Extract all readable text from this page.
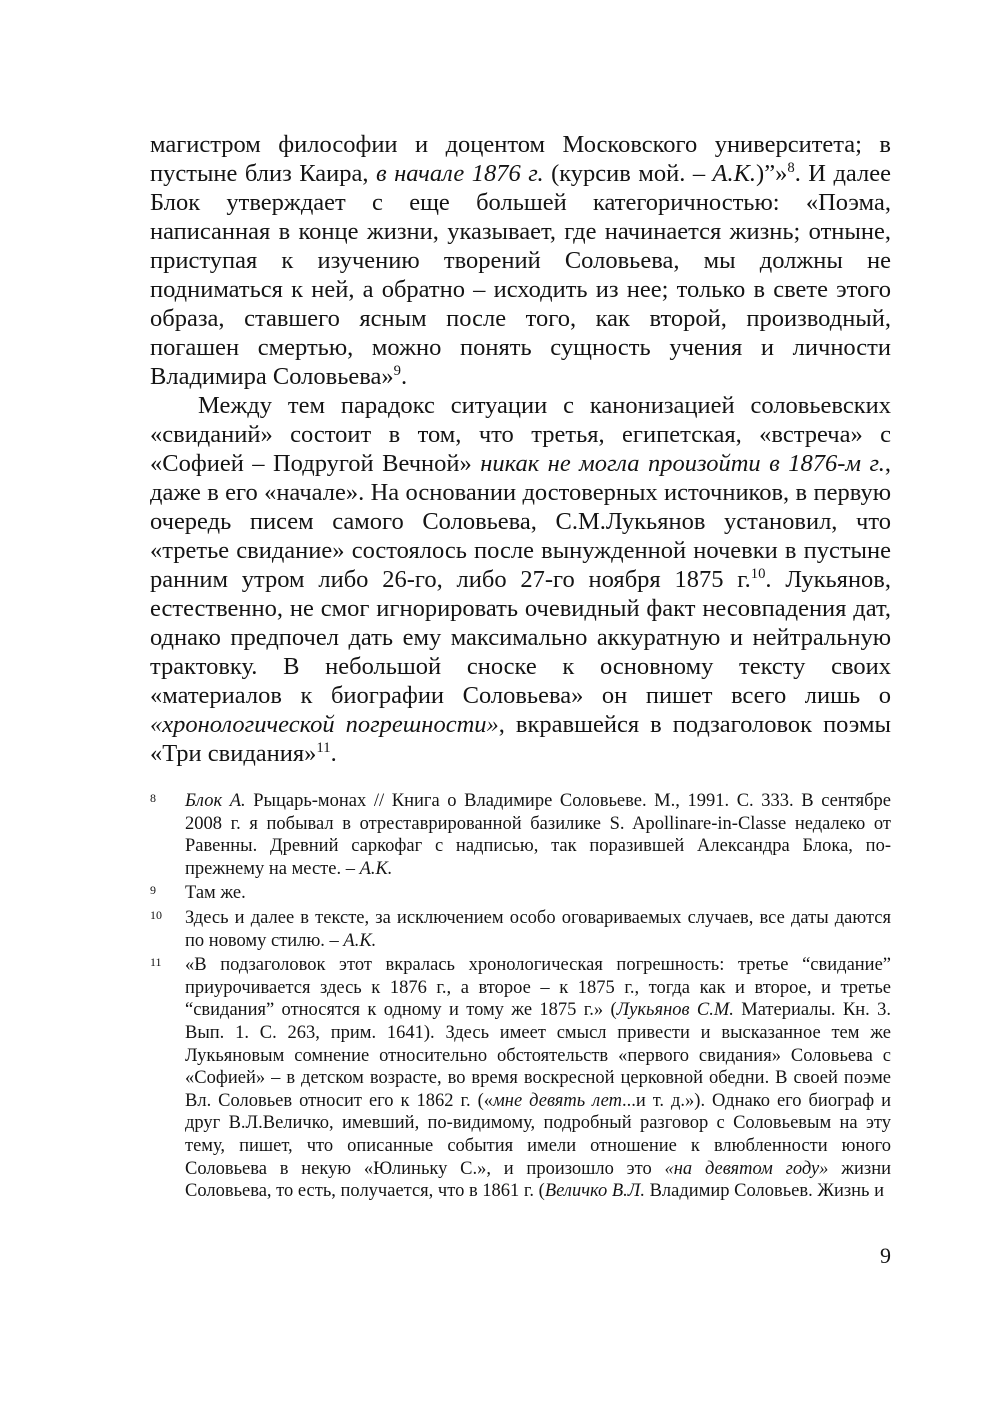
магистром философии и доцентом Московского университета; в пустыне близ Каира, в начале 1876 г. (курсив мой. – А.К.)”»$^8$. И далее Блок утверждает с еще большей категоричностью: «Поэма, написанная в конце жизни, указывает, где начинается жизнь; отныне, приступая к изучению творений Соловьева, мы должны не подниматься к ней, а обратно – исходить из нее; только в свете этого образа, ставшего ясным после того, как второй, производный, погашен смертью, можно понять сущность учения и личности Владимира Соловьева»$^9$.

Между тем парадокс ситуации с канонизацией соловьевских «свиданий» состоит в том, что третья, египетская, «встреча» с «Софией – Подругой Вечной» никак не могла произойти в 1876-м г., даже в его «начале». На основании достоверных источников, в первую очередь писем самого Соловьева, С.М.Лукьянов установил, что «третье свидание» состоялось после вынужденной ночевки в пустыне ранним утром либо 26-го, либо 27-го ноября 1875 г.$^{10}$. Лукьянов, естественно, не смог игнорировать очевидный факт несовпадения дат, однако предпочел дать ему максимально аккуратную и нейтральную трактовку. В небольшой сноске к основному тексту своих «материалов к биографии Соловьева» он пишет всего лишь о «хронологической погрешности», вкравшейся в подзаголовок поэмы «Три свидания»$^{11}$.

8	Блок А. Рыцарь-монах // Книга о Владимире Соловьеве. М., 1991. С. 333. В сентябре 2008 г. я побывал в отреставрированной базилике S. Apollinare-in-Classe недалеко от Равенны. Древний саркофаг с надписью, так поразившей Александра Блока, по-прежнему на месте. – А.К.
9	Там же.
10	Здесь и далее в тексте, за исключением особо оговариваемых случаев, все даты даются по новому стилю. – А.К.
11	«В подзаголовок этот вкралась хронологическая погрешность: третье “свидание” приурочивается здесь к 1876 г., а второе – к 1875 г., тогда как и второе, и третье “свидания” относятся к одному и тому же 1875 г.» (Лукьянов С.М. Материалы. Кн. 3. Вып. 1. С. 263, прим. 1641). Здесь имеет смысл привести и высказанное тем же Лукьяновым сомнение относительно обстоятельств «первого свидания» Соловьева с «Софией» – в детском возрасте, во время воскресной церковной обедни. В своей поэме Вл. Соловьев относит его к 1862 г. («мне девять лет...и т. д.»). Однако его биограф и друг В.Л.Величко, имевший, по-видимому, подробный разговор с Соловьевым на эту тему, пишет, что описанные события имели отношение к влюбленности юного Соловьева в некую «Юлиньку С.», и произошло это «на девятом году» жизни Соловьева, то есть, получается, что в 1861 г. (Величко В.Л. Владимир Соловьев. Жизнь и
9
